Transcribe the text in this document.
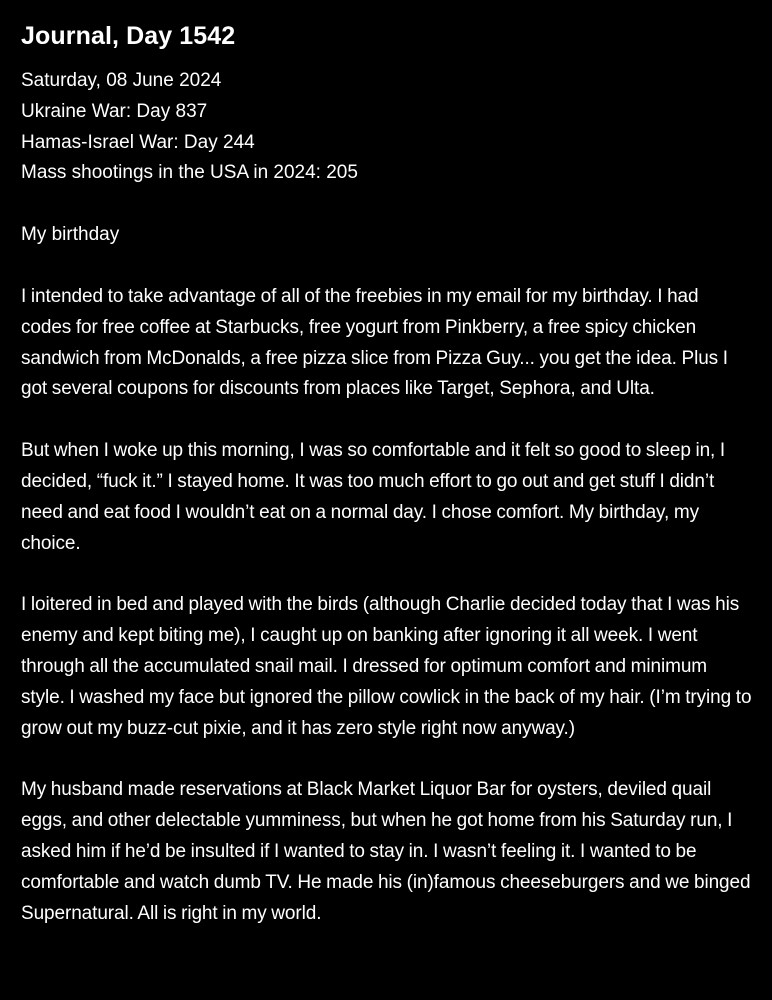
Journal, Day 1542

Saturday, 08 June 2024

Ukraine War: Day 837

Hamas-Israel War: Day 244

Mass shootings in the USA in 2024: 205

My birthday

I intended to take advantage of all of the freebies in my email for my birthday. I had codes for free coffee at Starbucks, free yogurt from Pinkberry, a free spicy chicken sandwich from McDonalds, a free pizza slice from Pizza Guy... you get the idea. Plus I got several coupons for discounts from places like Target, Sephora, and Ulta.

But when I woke up this morning, I was so comfortable and it felt so good to sleep in, I decided, “fuck it.” I stayed home. It was too much effort to go out and get stuff I didn’t need and eat food I wouldn’t eat on a normal day. I chose comfort. My birthday, my choice.

I loitered in bed and played with the birds (although Charlie decided today that I was his enemy and kept biting me), I caught up on banking after ignoring it all week. I went through all the accumulated snail mail. I dressed for optimum comfort and minimum style. I washed my face but ignored the pillow cowlick in the back of my hair. (I’m trying to grow out my buzz-cut pixie, and it has zero style right now anyway.)

My husband made reservations at Black Market Liquor Bar for oysters, deviled quail eggs, and other delectable yumminess, but when he got home from his Saturday run, I asked him if he’d be insulted if I wanted to stay in. I wasn’t feeling it. I wanted to be comfortable and watch dumb TV. He made his (in)famous cheeseburgers and we binged Supernatural. All is right in my world.
